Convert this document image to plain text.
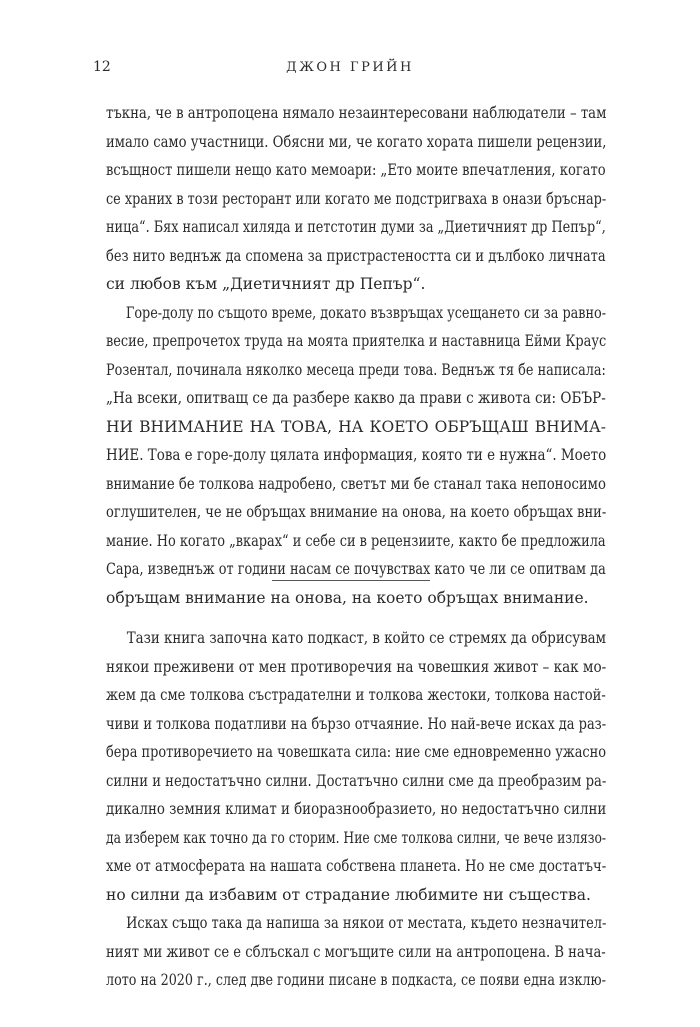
12	ДЖОН ГРИЙН
тъкна, че в антропоцена нямало незаинтересовани наблюдатели – там
имало само участници. Обясни ми, че когато хората пишели рецензии,
всъщност пишели нещо като мемоари: „Ето моите впечатления, когато
се храних в този ресторант или когато ме подстригваха в онази бръснар-
ница“. Бях написал хиляда и петстотин думи за „Диетичният др Пепър“,
без нито веднъж да спомена за пристрастеността си и дълбоко личната
си любов към „Диетичният др Пепър“.
Горе-долу по същото време, докато възвръщах усещането си за равно-
весие, препрочетох труда на моята приятелка и наставница Ейми Краус
Розентал, починала няколко месеца преди това. Веднъж тя бе написала:
„На всеки, опитващ се да разбере какво да прави с живота си: ОБЪР-
НИ ВНИМАНИЕ НА ТОВА, НА КОЕТО ОБРЪЩАШ ВНИМА-
НИЕ. Това е горе-долу цялата информация, която ти е нужна“. Моето
внимание бе толкова надробено, светът ми бе станал така непоносимо
оглушителен, че не обръщах внимание на онова, на което обръщах вни-
мание. Но когато „вкарах“ и себе си в рецензиите, както бе предложила
Сара, изведнъж от години насам се почувствах като че ли се опитвам да
обръщам внимание на онова, на което обръщах внимание.
Тази книга започна като подкаст, в който се стремях да обрисувам
някои преживени от мен противоречия на човешкия живот – как мо-
жем да сме толкова състрадателни и толкова жестоки, толкова настой-
чиви и толкова податливи на бързо отчаяние. Но най-вече исках да раз-
бера противоречието на човешката сила: ние сме едновременно ужасно
силни и недостатъчно силни. Достатъчно силни сме да преобразим ра-
дикално земния климат и биоразнообразието, но недостатъчно силни
да изберем как точно да го сторим. Ние сме толкова силни, че вече излязо-
хме от атмосферата на нашата собствена планета. Но не сме достатъч-
но силни да избавим от страдание любимите ни същества.
Исках също така да напиша за някои от местата, където незначител-
ният ми живот се е сблъскал с могъщите сили на антропоцена. В нача-
лото на 2020 г., след две години писане в подкаста, се появи една изклю-
